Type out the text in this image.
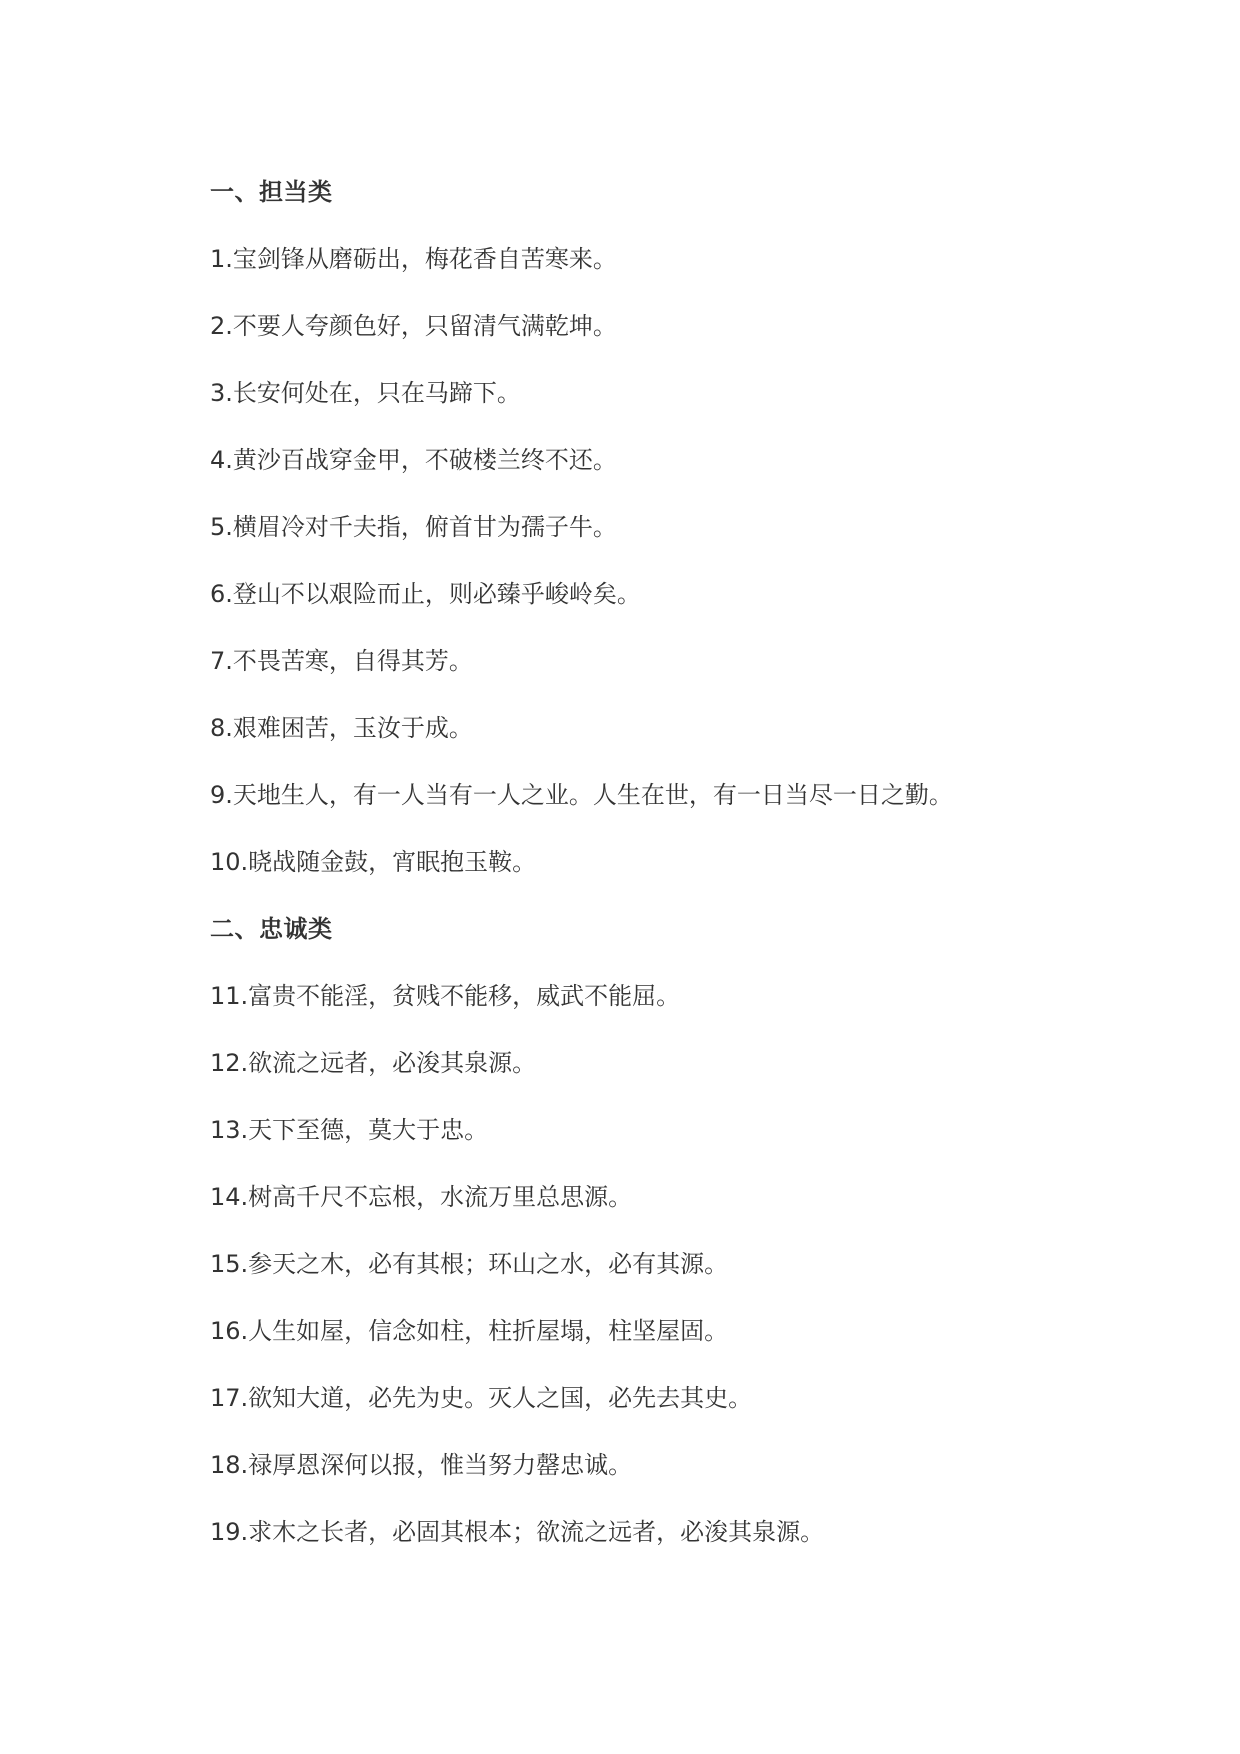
一、担当类
1.宝剑锋从磨砺出，梅花香自苦寒来。
2.不要人夸颜色好，只留清气满乾坤。
3.长安何处在，只在马蹄下。
4.黄沙百战穿金甲，不破楼兰终不还。
5.横眉冷对千夫指，俯首甘为孺子牛。
6.登山不以艰险而止，则必臻乎峻岭矣。
7.不畏苦寒，自得其芳。
8.艰难困苦，玉汝于成。
9.天地生人，有一人当有一人之业。人生在世，有一日当尽一日之勤。
10.晓战随金鼓，宵眠抱玉鞍。
二、忠诚类
11.富贵不能淫，贫贱不能移，威武不能屈。
12.欲流之远者，必浚其泉源。
13.天下至德，莫大于忠。
14.树高千尺不忘根，水流万里总思源。
15.参天之木，必有其根；环山之水，必有其源。
16.人生如屋，信念如柱，柱折屋塌，柱坚屋固。
17.欲知大道，必先为史。灭人之国，必先去其史。
18.禄厚恩深何以报，惟当努力罄忠诚。
19.求木之长者，必固其根本；欲流之远者，必浚其泉源。
